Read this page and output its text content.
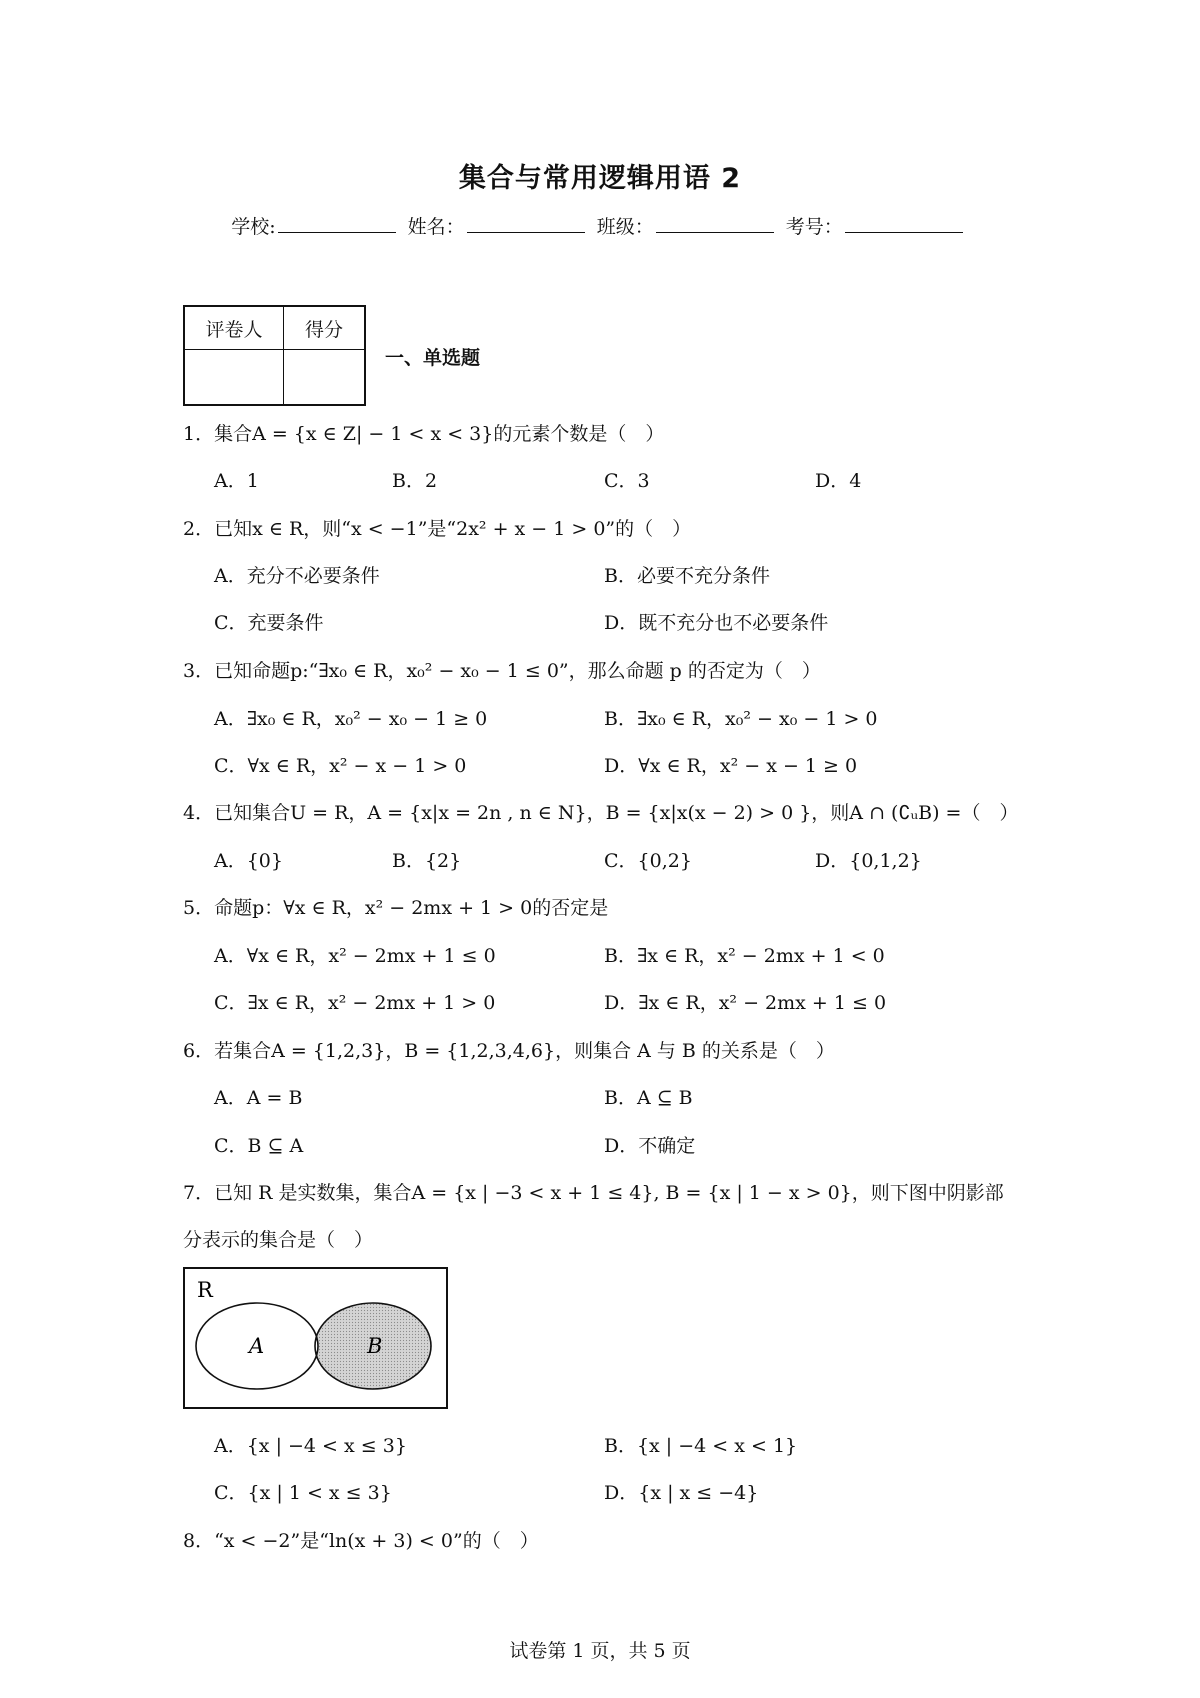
集合与常用逻辑用语 2
学校:	姓名：	班级：	考号：
评卷人	得分

一、单选题
1．集合A = {x ∈ Z| − 1 < x < 3}的元素个数是（　）
A．1	B．2	C．3	D．4
2．已知x ∈ R，则“x < −1”是“2x² + x − 1 > 0”的（　）
A．充分不必要条件	B．必要不充分条件
C．充要条件	D．既不充分也不必要条件
3．已知命题p:“∃x₀ ∈ R，x₀² − x₀ − 1 ≤ 0”，那么命题 p 的否定为（　）
A．∃x₀ ∈ R，x₀² − x₀ − 1 ≥ 0	B．∃x₀ ∈ R，x₀² − x₀ − 1 > 0
C．∀x ∈ R，x² − x − 1 > 0	D．∀x ∈ R，x² − x − 1 ≥ 0
4．已知集合U = R，A = {x|x = 2n , n ∈ N}，B = {x|x(x − 2) > 0 }，则A ∩ (∁ᵤB) =（　）
A．{0}	B．{2}	C．{0,2}	D．{0,1,2}
5．命题p：∀x ∈ R，x² − 2mx + 1 > 0的否定是
A．∀x ∈ R，x² − 2mx + 1 ≤ 0	B．∃x ∈ R，x² − 2mx + 1 < 0
C．∃x ∈ R，x² − 2mx + 1 > 0	D．∃x ∈ R，x² − 2mx + 1 ≤ 0
6．若集合A = {1,2,3}，B = {1,2,3,4,6}，则集合 A 与 B 的关系是（　）
A．A = B	B．A ⊆ B
C．B ⊆ A	D．不确定
7．已知 R 是实数集，集合A = {x | −3 < x + 1 ≤ 4}, B = {x | 1 − x > 0}，则下图中阴影部
分表示的集合是（　）
R
A	B
A．{x | −4 < x ≤ 3}	B．{x | −4 < x < 1}
C．{x | 1 < x ≤ 3}	D．{x | x ≤ −4}
8．“x < −2”是“ln(x + 3) < 0”的（　）
试卷第 1 页，共 5 页
